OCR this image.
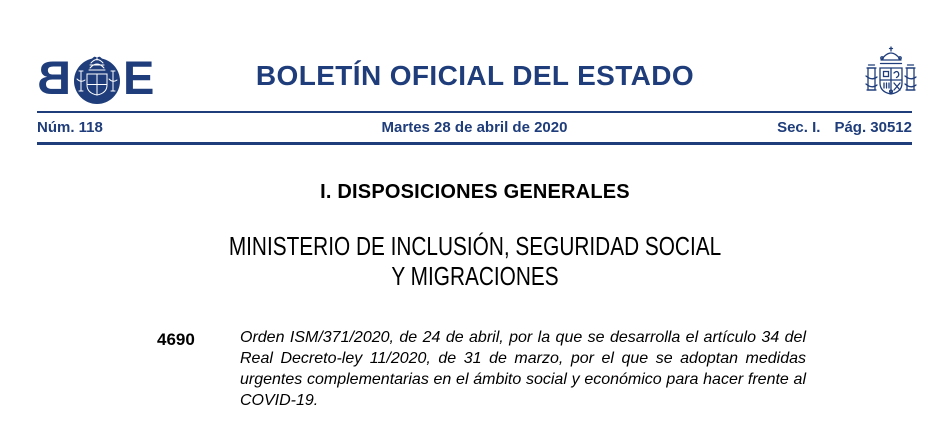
B E	BOLETÍN OFICIAL DEL ESTADO
Núm. 118	Martes 28 de abril de 2020	Sec. I. Pág. 30512
I. DISPOSICIONES GENERALES
MINISTERIO DE INCLUSIÓN, SEGURIDAD SOCIAL
Y MIGRACIONES
4690	Orden ISM/371/2020, de 24 de abril, por la que se desarrolla el artículo 34 del Real Decreto-ley 11/2020, de 31 de marzo, por el que se adoptan medidas urgentes complementarias en el ámbito social y económico para hacer frente al COVID-19.
